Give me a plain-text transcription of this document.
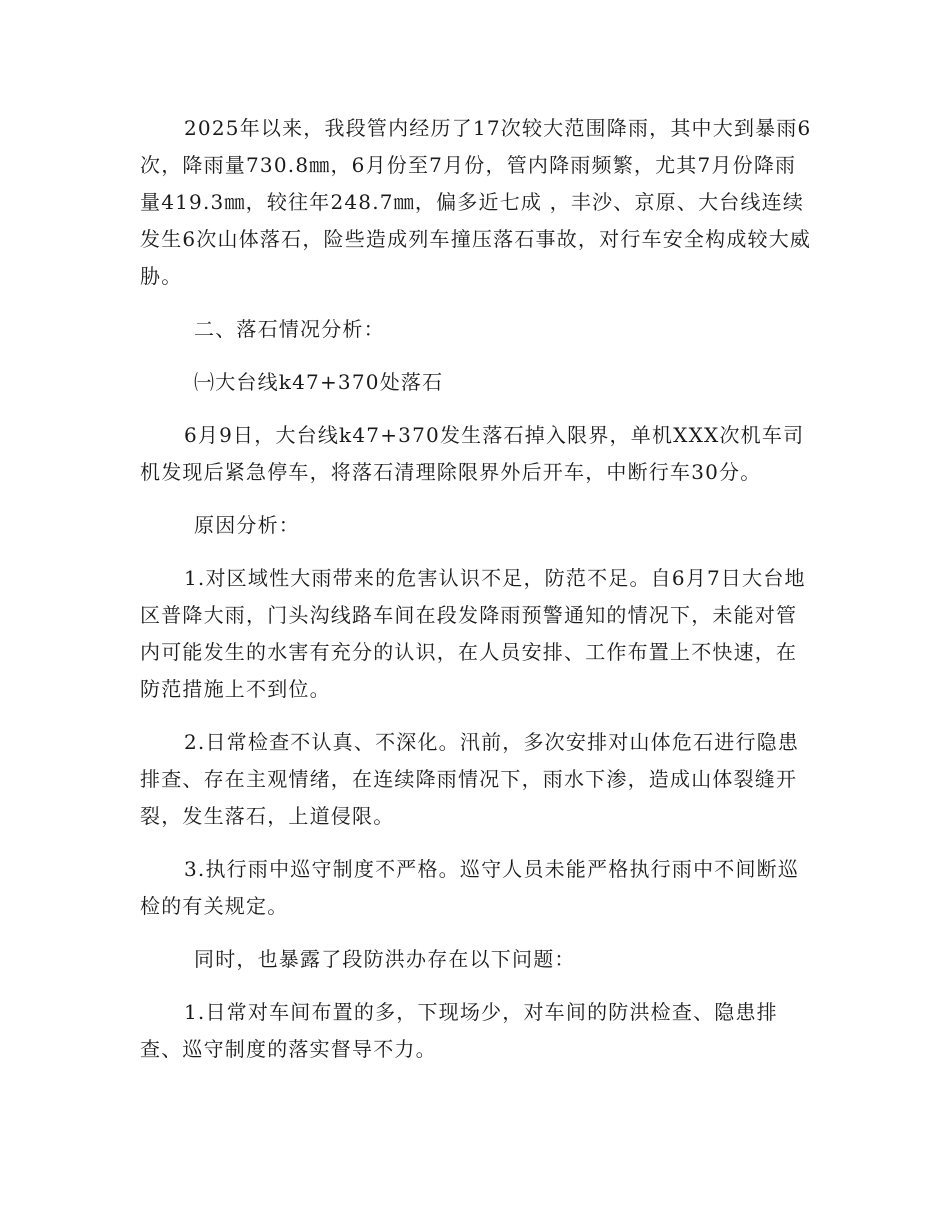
2025年以来，我段管内经历了17次较大范围降雨，其中大到暴雨6次，降雨量730.8㎜，6月份至7月份，管内降雨频繁，尤其7月份降雨量419.3㎜，较往年248.7㎜，偏多近七成 ，丰沙、京原、大台线连续发生6次山体落石，险些造成列车撞压落石事故，对行车安全构成较大威胁。

二、落石情况分析：

㈠大台线k47+370处落石

6月9日，大台线k47+370发生落石掉入限界，单机XXX次机车司机发现后紧急停车，将落石清理除限界外后开车，中断行车30分。

原因分析：

1.对区域性大雨带来的危害认识不足，防范不足。自6月7日大台地区普降大雨，门头沟线路车间在段发降雨预警通知的情况下，未能对管内可能发生的水害有充分的认识，在人员安排、工作布置上不快速，在防范措施上不到位。

2.日常检查不认真、不深化。汛前，多次安排对山体危石进行隐患排查、存在主观情绪，在连续降雨情况下，雨水下渗，造成山体裂缝开裂，发生落石，上道侵限。

3.执行雨中巡守制度不严格。巡守人员未能严格执行雨中不间断巡检的有关规定。

同时，也暴露了段防洪办存在以下问题：

1.日常对车间布置的多，下现场少，对车间的防洪检查、隐患排查、巡守制度的落实督导不力。
